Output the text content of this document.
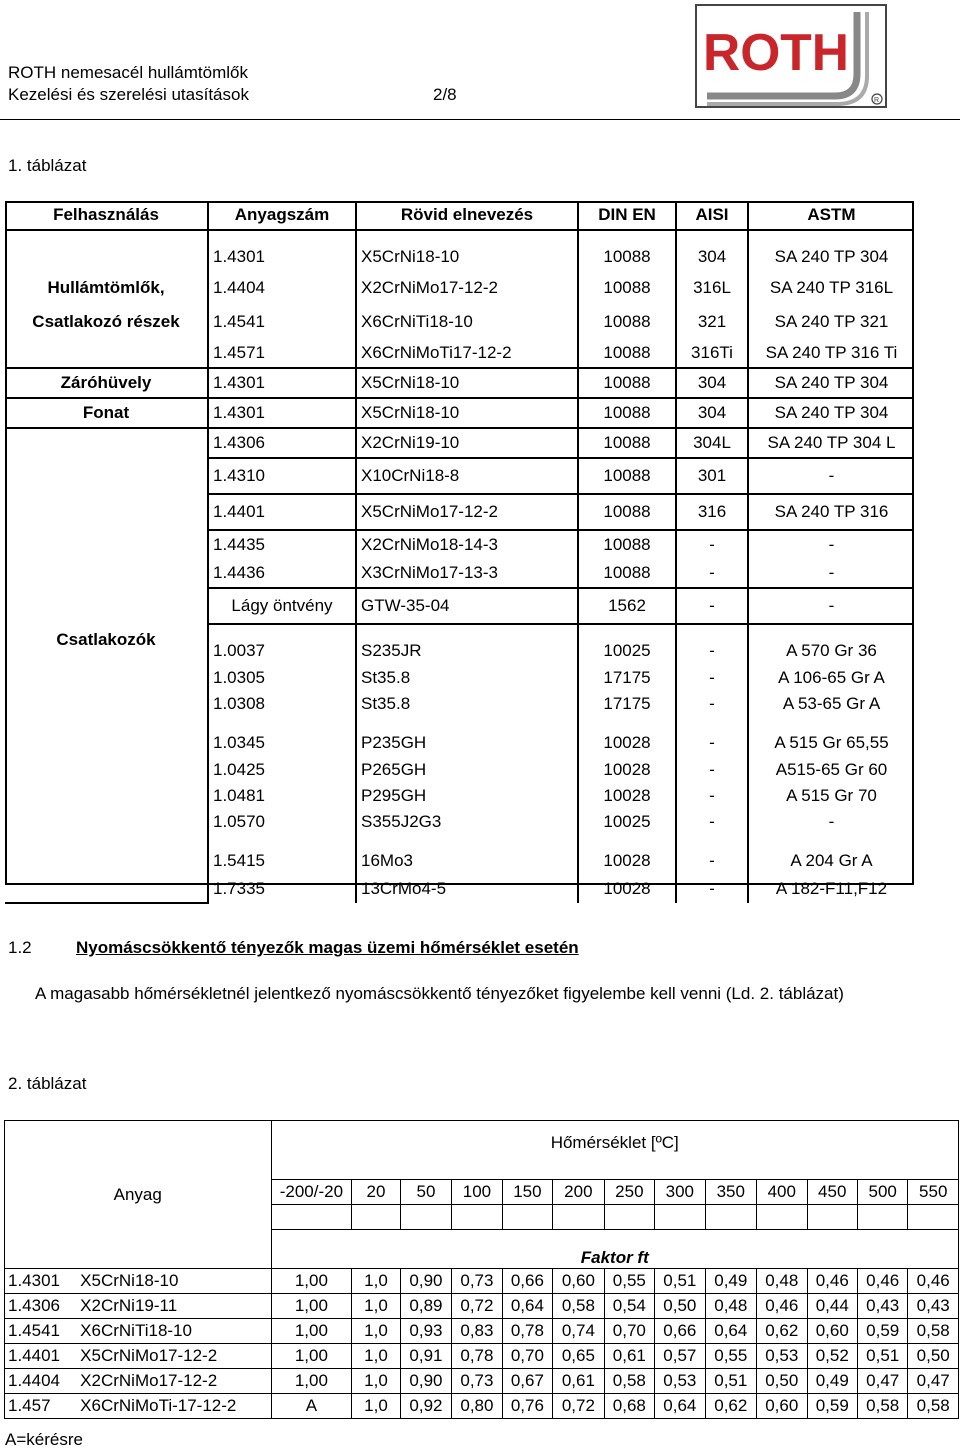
ROTH nemesacél hullámtömlők
Kezelési és szerelési utasítások	2/8
ROTH
R
1. táblázat
Felhasználás	Anyagszám	Rövid elnevezés	DIN EN	AISI	ASTM

Hullámtömlők,
Csatlakozó részek	1.4301	X5CrNi18-10	10088	304	SA 240 TP 304
	1.4404	X2CrNiMo17-12-2	10088	316L	SA 240 TP 316L
	1.4541	X6CrNiTi18-10	10088	321	SA 240 TP 321
	1.4571	X6CrNiMoTi17-12-2	10088	316Ti	SA 240 TP 316 Ti
Záróhüvely	1.4301	X5CrNi18-10	10088	304	SA 240 TP 304
Fonat	1.4301	X5CrNi18-10	10088	304	SA 240 TP 304
Csatlakozók	1.4306	X2CrNi19-10	10088	304L	SA 240 TP 304 L
	1.4310	X10CrNi18-8	10088	301	-
	1.4401	X5CrNiMo17-12-2	10088	316	SA 240 TP 316
	1.4435	X2CrNiMo18-14-3	10088	-	-
	1.4436	X3CrNiMo17-13-3	10088	-	-
	Lágy öntvény	GTW-35-04	1562	-	-
	1.0037	S235JR	10025	-	A 570 Gr 36
	1.0305	St35.8	17175	-	A 106-65 Gr A
	1.0308	St35.8	17175	-	A 53-65 Gr A
	1.0345	P235GH	10028	-	A 515 Gr 65,55
	1.0425	P265GH	10028	-	A515-65 Gr 60
	1.0481	P295GH	10028	-	A 515 Gr 70
	1.0570	S355J2G3	10025	-	-
	1.5415	16Mo3	10028	-	A 204 Gr A
	1.7335	13CrMo4-5	10028	-	A 182-F11,F12
1.2	Nyomáscsökkentő tényezők magas üzemi hőmérséklet esetén
A magasabb hőmérsékletnél jelentkező nyomáscsökkentő tényezőket figyelembe kell venni (Ld. 2. táblázat)
2. táblázat
Anyag		Hőmérséklet [ºC]												

		-200/-20	20	50	100	150	200	250	300	350	400	450	500	550

		Faktor ft												
1.4301	X5CrNi18-10	1,00	1,0	0,90	0,73	0,66	0,60	0,55	0,51	0,49	0,48	0,46	0,46	0,46
1.4306	X2CrNi19-11	1,00	1,0	0,89	0,72	0,64	0,58	0,54	0,50	0,48	0,46	0,44	0,43	0,43
1.4541	X6CrNiTi18-10	1,00	1,0	0,93	0,83	0,78	0,74	0,70	0,66	0,64	0,62	0,60	0,59	0,58
1.4401	X5CrNiMo17-12-2	1,00	1,0	0,91	0,78	0,70	0,65	0,61	0,57	0,55	0,53	0,52	0,51	0,50
1.4404	X2CrNiMo17-12-2	1,00	1,0	0,90	0,73	0,67	0,61	0,58	0,53	0,51	0,50	0,49	0,47	0,47
1.457	X6CrNiMoTi-17-12-2	A	1,0	0,92	0,80	0,76	0,72	0,68	0,64	0,62	0,60	0,59	0,58	0,58
A=kérésre
